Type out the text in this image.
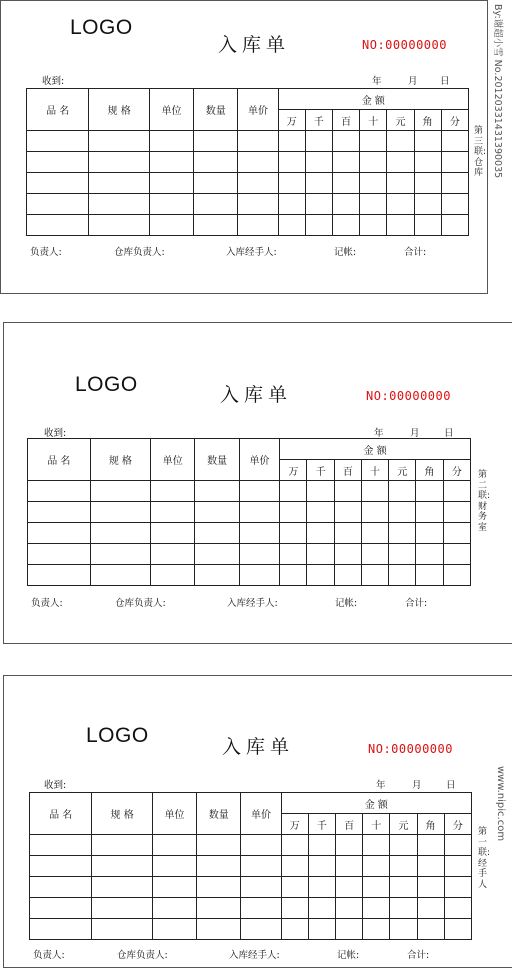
LOGO
入库单	NO:00000000
收到:	年	月 日
品 名	规 格	单位	数量	单价	金 额						
					万	千	百	十	元	角	分

第三联:仓库
负责人:	仓库负责人:	入库经手人:	记帐:	合计:
LOGO	入库单	NO:00000000
收到:	年	月	日
品 名	规 格	单位	数量	单价	金 额						
					万	千	百	十	元	角	分

											第二联:财务室
负责人:	仓库负责人:	入库经手人:	记帐:	合计:
LOGO	入库单	NO:00000000
收到:	年	月	日
品 名	规 格	单位	数量	单价	金 额						
					万	千	百	十	元	角	分

第一联:经手人
负责人:	仓库负责人:	入库经手人:	记帐:	合计:
By:谢超小雪 No.20120331431390035
www.nipic.com
